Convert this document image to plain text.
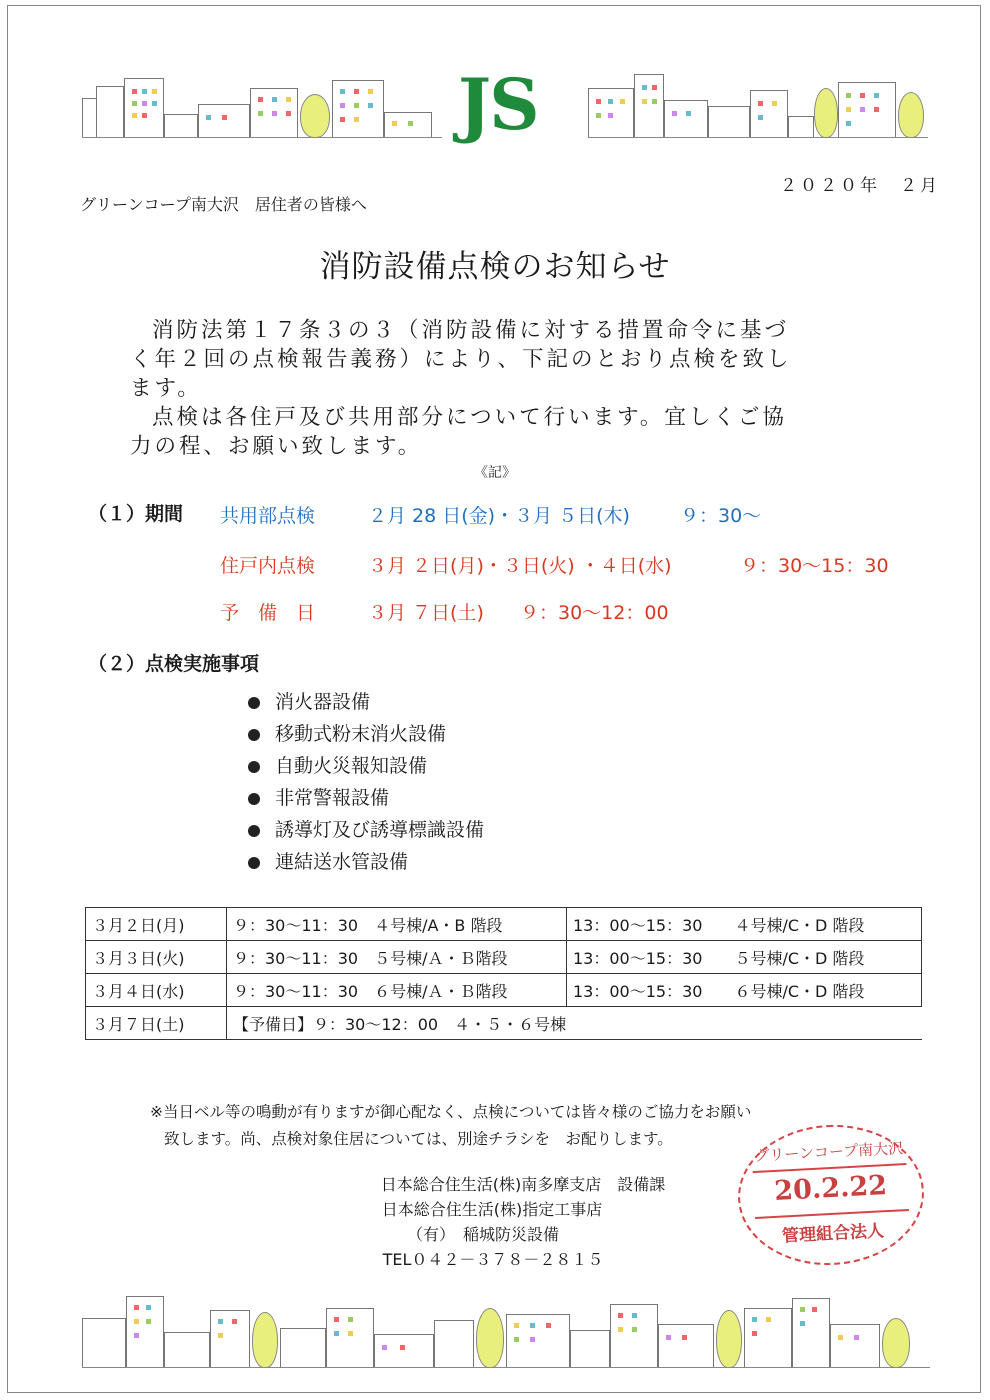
JS
２０２０年　２月
グリーンコープ南大沢　居住者の皆様へ
消防設備点検のお知らせ

消防法第１７条３の３（消防設備に対する措置命令に基づ

く年２回の点検報告義務）により、下記のとおり点検を致し

ます。

点検は各住戸及び共用部分について行います。宜しくご協

力の程、お願い致します。

《記》
（１）期間 共用部点検	２月 28 日(金)・３月 ５日(木)	９：30～
住戸内点検	３月 ２日(月)・３日(火) ・４日(水)	９：30～15：30
予　備　日	３月 ７日(土) ９：30～12：00
（２）点検実施事項
消火器設備
移動式粉末消火設備
自動火災報知設備
非常警報設備
誘導灯及び誘導標識設備
連結送水管設備
３月２日(月)	９：30～11：30　４号棟/A・B 階段	13：00～15：30　　４号棟/C・D 階段
３月３日(火)	９：30～11：30　５号棟/Ａ・Ｂ階段	13：00～15：30　　５号棟/C・D 階段
３月４日(水)	９：30～11：30　６号棟/Ａ・Ｂ階段	13：00～15：30　　６号棟/C・D 階段
３月７日(土)	【予備日】９：30～12：00　４・５・６号棟	

※当日ベル等の鳴動が有りますが御心配なく、点検については皆々様のご協力をお願い

致します。尚、点検対象住居については、別途チラシを　お配りします。

日本総合住生活(株)南多摩支店　設備課
日本総合住生活(株)指定工事店
（有）　稲城防災設備
TEL０４２－３７８－２８１５
グリーンコープ南大沢
20.2.22
管理組合法人
